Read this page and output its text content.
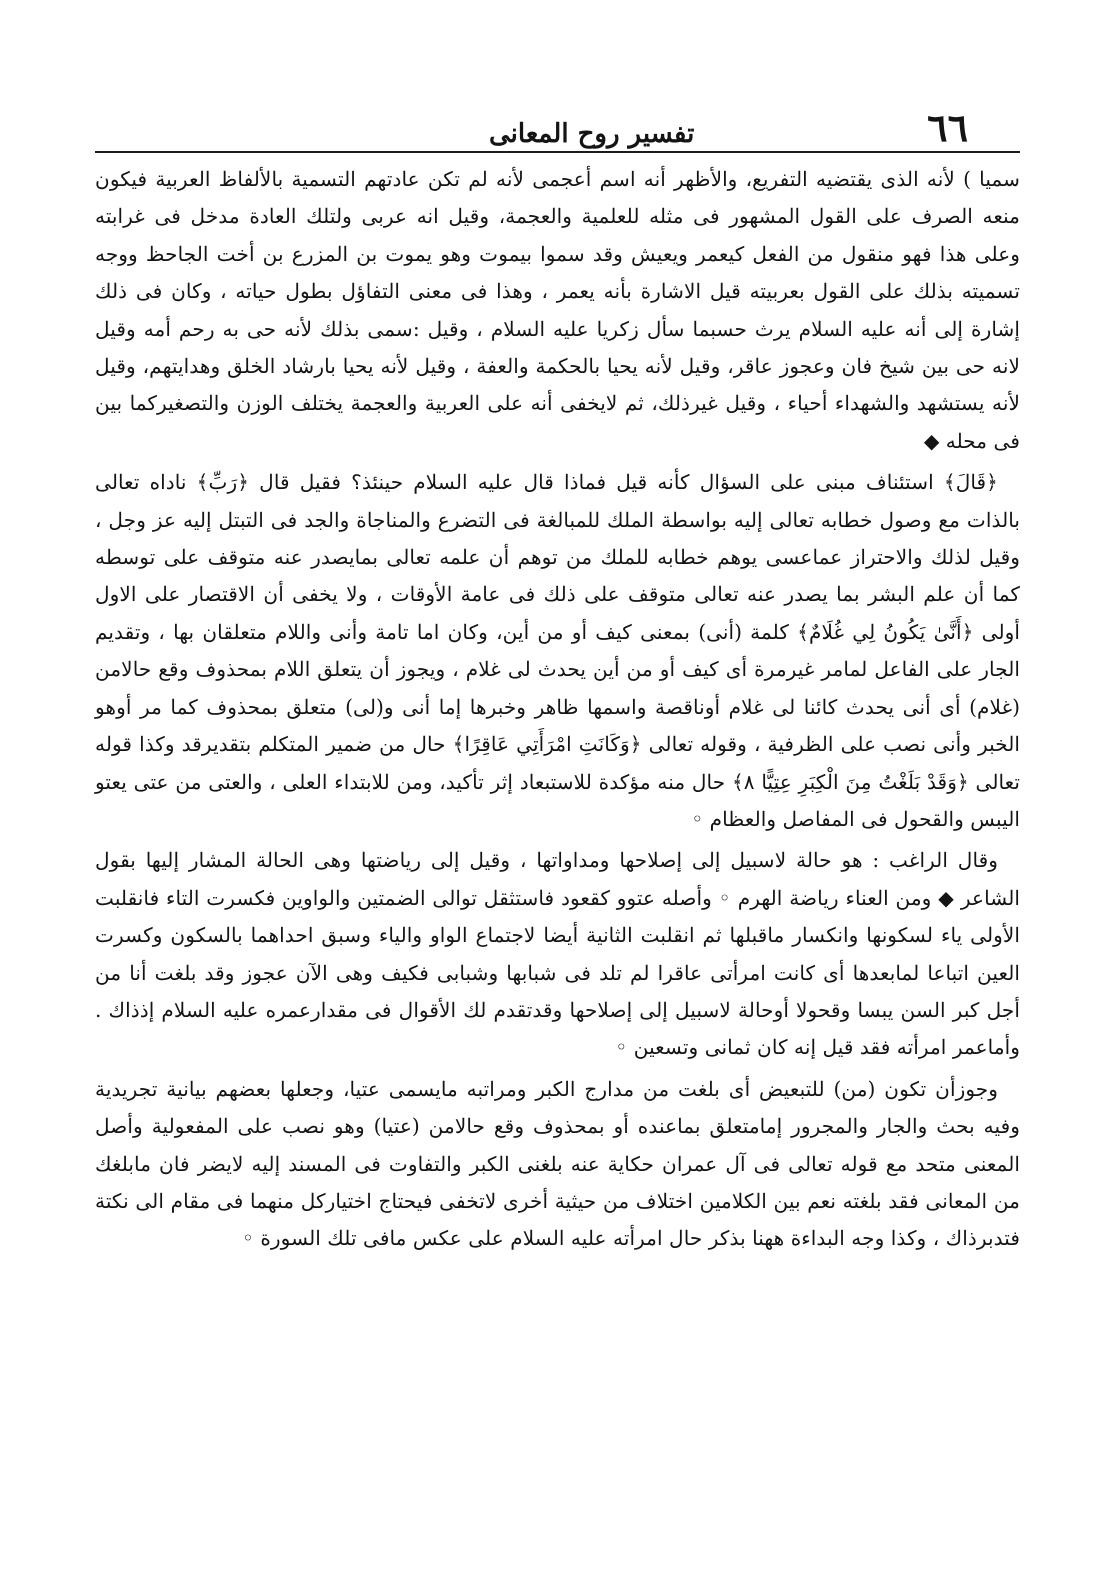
٦٦
تفسير روح المعانى

سميا ) لأنه الذى يقتضيه التفريع، والأظهر أنه اسم أعجمى لأنه لم تكن عادتهم التسمية بالألفاظ العربية فيكون منعه الصرف على القول المشهور فى مثله للعلمية والعجمة، وقيل انه عربى ولتلك العادة مدخل فى غرابته وعلى هذا فهو منقول من الفعل كيعمر ويعيش وقد سموا بيموت وهو يموت بن المزرع بن أخت الجاحظ ووجه تسميته بذلك على القول بعربيته قيل الاشارة بأنه يعمر ، وهذا فى معنى التفاؤل بطول حياته ، وكان فى ذلك إشارة إلى أنه عليه السلام يرث حسبما سأل زكريا عليه السلام ، وقيل :سمى بذلك لأنه حى به رحم أمه وقيل لانه حى بين شيخ فان وعجوز عاقر، وقيل لأنه يحيا بالحكمة والعفة ، وقيل لأنه يحيا بارشاد الخلق وهدايتهم، وقيل لأنه يستشهد والشهداء أحياء ، وقيل غيرذلك، ثم لايخفى أنه على العربية والعجمة يختلف الوزن والتصغيركما بين فى محله ◆

﴿قَالَ﴾ استئناف مبنى على السؤال كأنه قيل فماذا قال عليه السلام حينئذ؟ فقيل قال ﴿رَبِّ﴾ ناداه تعالى بالذات مع وصول خطابه تعالى إليه بواسطة الملك للمبالغة فى التضرع والمناجاة والجد فى التبتل إليه عز وجل ، وقيل لذلك والاحتراز عماعسى يوهم خطابه للملك من توهم أن علمه تعالى بمايصدر عنه متوقف على توسطه كما أن علم البشر بما يصدر عنه تعالى متوقف على ذلك فى عامة الأوقات ، ولا يخفى أن الاقتصار على الاول أولى ﴿أَنَّىٰ يَكُونُ لِي غُلَامٌ﴾ كلمة (أنى) بمعنى كيف أو من أين، وكان اما تامة وأنى واللام متعلقان بها ، وتقديم الجار على الفاعل لمامر غيرمرة أى كيف أو من أين يحدث لى غلام ، ويجوز أن يتعلق اللام بمحذوف وقع حالامن (غلام) أى أنى يحدث كائنا لى غلام أوناقصة واسمها ظاهر وخبرها إما أنى و(لى) متعلق بمحذوف كما مر أوهو الخبر وأنى نصب على الظرفية ، وقوله تعالى ﴿وَكَانَتِ امْرَأَتِي عَاقِرًا﴾ حال من ضمير المتكلم بتقديرقد وكذا قوله تعالى ﴿وَقَدْ بَلَغْتُ مِنَ الْكِبَرِ عِتِيًّا ٨﴾ حال منه مؤكدة للاستبعاد إثر تأكيد، ومن للابتداء العلى ، والعتى من عتى يعتو اليبس والقحول فى المفاصل والعظام ◦

وقال الراغب : هو حالة لاسبيل إلى إصلاحها ومداواتها ، وقيل إلى رياضتها وهى الحالة المشار إليها بقول الشاعر ◆ ومن العناء رياضة الهرم ◦ وأصله عتوو كقعود فاستثقل توالى الضمتين والواوين فكسرت التاء فانقلبت الأولى ياء لسكونها وانكسار ماقبلها ثم انقلبت الثانية أيضا لاجتماع الواو والياء وسبق احداهما بالسكون وكسرت العين اتباعا لمابعدها أى كانت امرأتى عاقرا لم تلد فى شبابها وشبابى فكيف وهى الآن عجوز وقد بلغت أنا من أجل كبر السن يبسا وقحولا أوحالة لاسبيل إلى إصلاحها وقدتقدم لك الأقوال فى مقدارعمره عليه السلام إذذاك . وأماعمر امرأته فقد قيل إنه كان ثمانى وتسعين ◦

وجوزأن تكون (من) للتبعيض أى بلغت من مدارج الكبر ومراتبه مايسمى عتيا، وجعلها بعضهم بيانية تجريدية وفيه بحث والجار والمجرور إمامتعلق بماعنده أو بمحذوف وقع حالامن (عتيا) وهو نصب على المفعولية وأصل المعنى متحد مع قوله تعالى فى آل عمران حكاية عنه بلغنى الكبر والتفاوت فى المسند إليه لايضر فان مابلغك من المعانى فقد بلغته نعم بين الكلامين اختلاف من حيثية أخرى لاتخفى فيحتاج اختياركل منهما فى مقام الى نكتة فتدبرذاك ، وكذا وجه البداءة ههنا بذكر حال امرأته عليه السلام على عكس مافى تلك السورة ◦
